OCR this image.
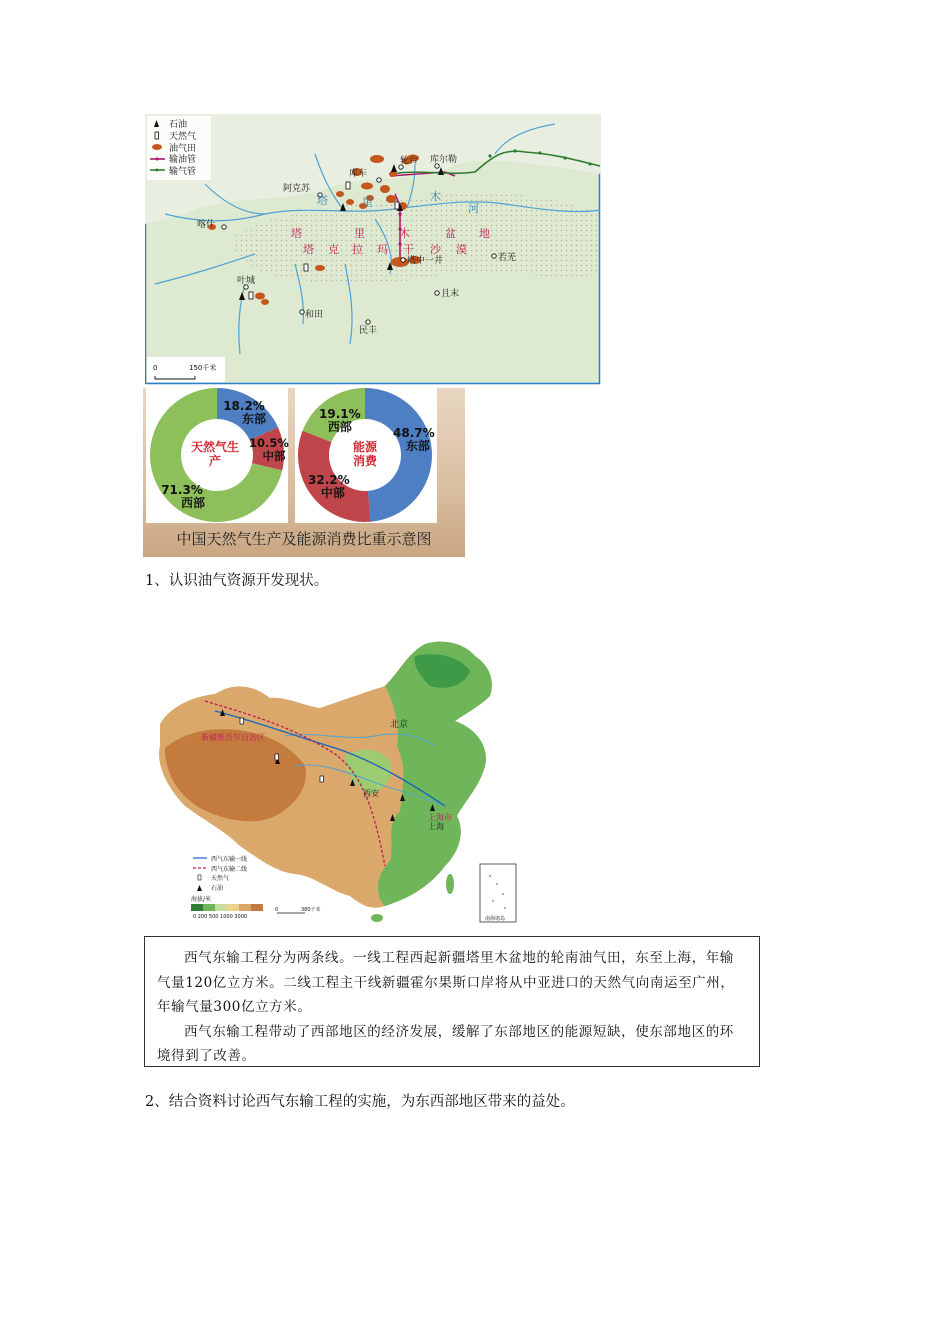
轮台 库尔勒
库车
阿克苏
喀什
叶城
和田
民丰
且末
若羌
塔中一井
塔	里	木
河
塔	里	木	盆 地
塔 克 拉 玛 干 沙 漠
石油
天然气
油气田
输油管
输气管
0	150千米
18.2%
东部
10.5%
中部
71.3%
西部
天然气生
产
19.1%
西部	48.7%
东部
32.2%
中部
能源
消费
中国天然气生产及能源消费比重示意图
1、认识油气资源开发现状。
北京
西安
上海市
上海
新疆维吾尔自治区
西气东输一线
西气东输二线
天然气
石油
海拔/米
0 200 500 1000 3000
0	380千米
南海诸岛

西气东输工程分为两条线。一线工程西起新疆塔里木盆地的轮南油气田，东至上海，年输气量120亿立方米。二线工程主干线新疆霍尔果斯口岸将从中亚进口的天然气向南运至广州，年输气量300亿立方米。

西气东输工程带动了西部地区的经济发展，缓解了东部地区的能源短缺，使东部地区的环境得到了改善。

2、结合资料讨论西气东输工程的实施，为东西部地区带来的益处。
